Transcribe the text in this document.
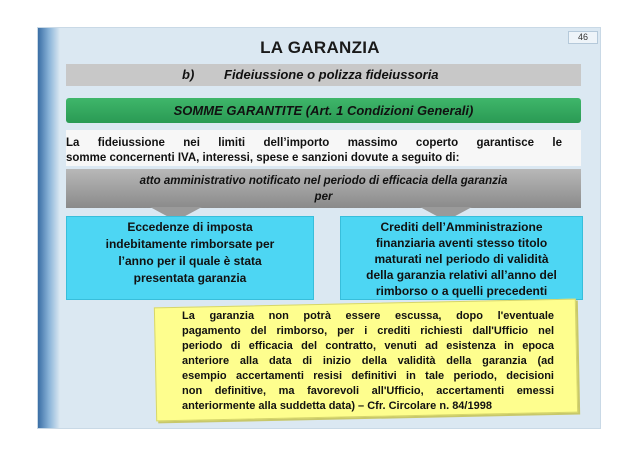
46
LA GARANZIA
b) Fideiussione o polizza fideiussoria
SOMME GARANTITE (Art. 1 Condizioni Generali)
La fideiussione nei limiti dell’importo massimo coperto garantisce le
somme concernenti IVA, interessi, spese e sanzioni dovute a seguito di:
atto amministrativo notificato nel periodo di efficacia della garanzia
per
Eccedenze di imposta
indebitamente rimborsate per
l’anno per il quale è stata
presentata garanzia
Crediti dell’Amministrazione
finanziaria aventi stesso titolo
maturati nel periodo di validità
della garanzia relativi all’anno del
rimborso o a quelli precedenti
La garanzia non potrà essere escussa, dopo l'eventuale
pagamento del rimborso, per i crediti richiesti dall'Ufficio nel
periodo di efficacia del contratto, venuti ad esistenza in epoca
anteriore alla data di inizio della validità della garanzia (ad
esempio accertamenti resisi definitivi in tale periodo, decisioni
non definitive, ma favorevoli all'Ufficio, accertamenti emessi
anteriormente alla suddetta data) – Cfr. Circolare n. 84/1998
